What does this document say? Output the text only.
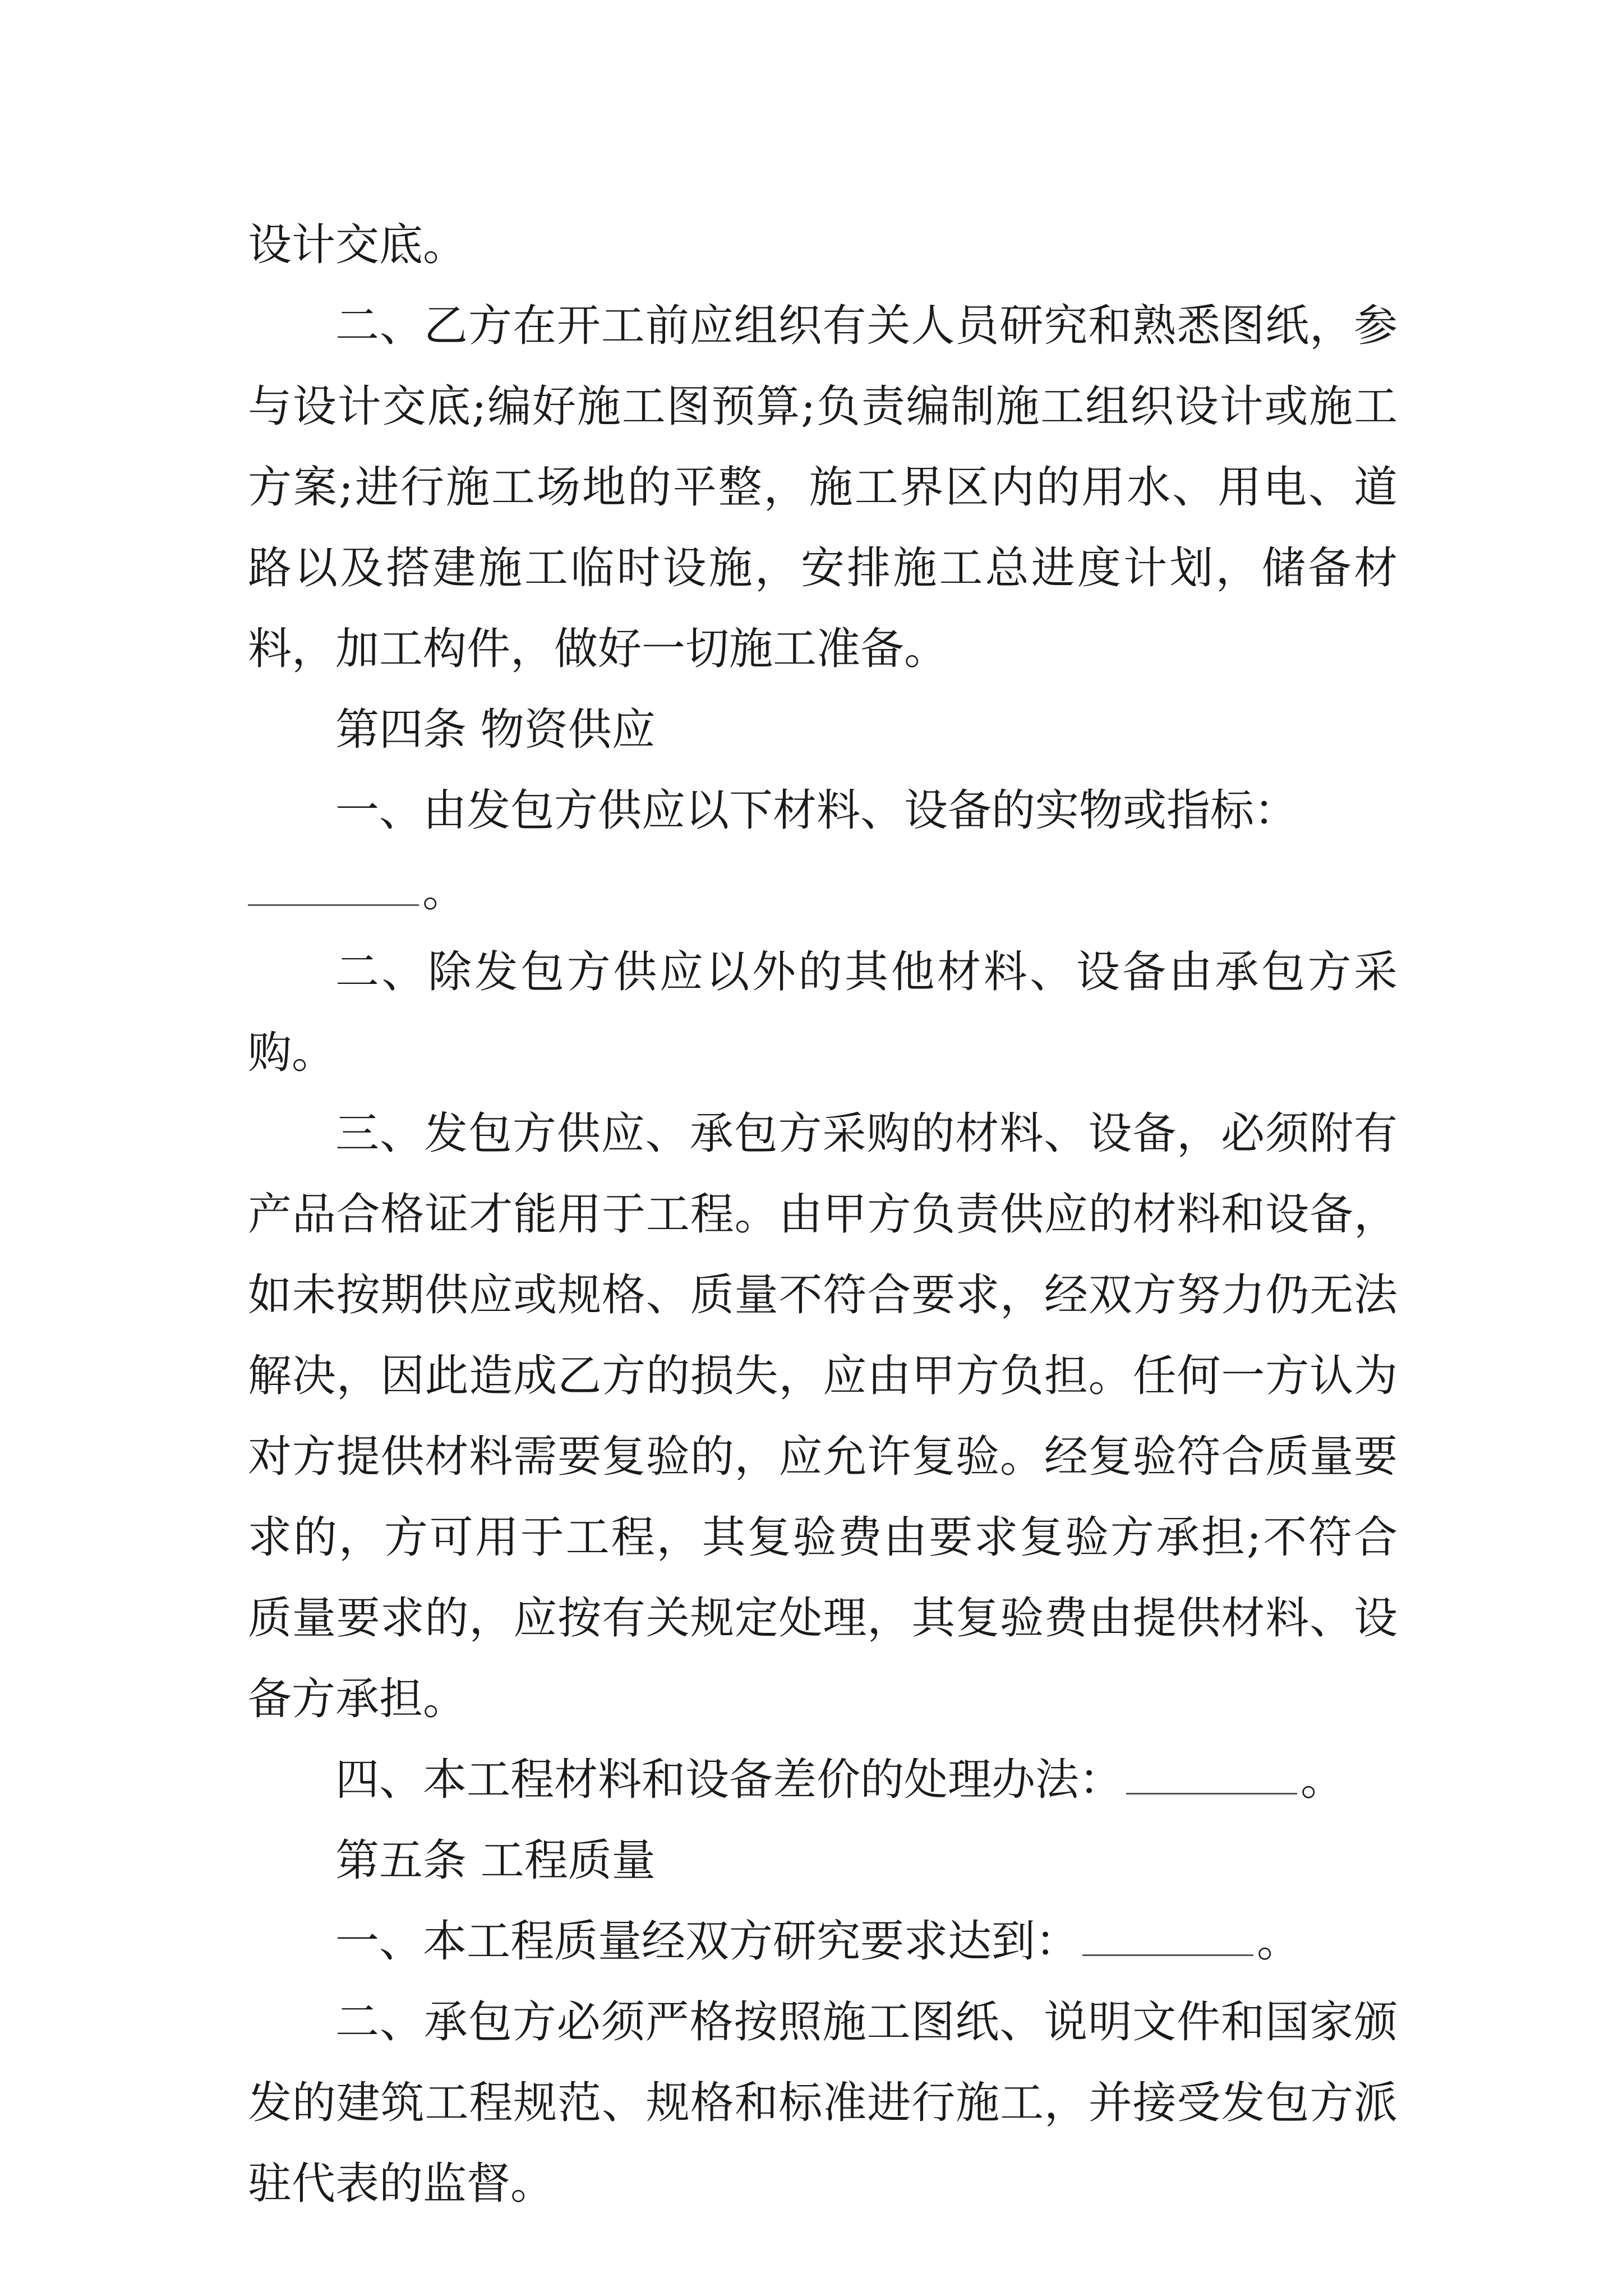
设计交底。

二、乙方在开工前应组织有关人员研究和熟悉图纸，参与设计交底;编好施工图预算;负责编制施工组织设计或施工方案;进行施工场地的平整，施工界区内的用水、用电、道路以及搭建施工临时设施，安排施工总进度计划，储备材料，加工构件，做好一切施工准备。

第四条 物资供应

一、由发包方供应以下材料、设备的实物或指标：
。

二、除发包方供应以外的其他材料、设备由承包方采购。

三、发包方供应、承包方采购的材料、设备，必须附有产品合格证才能用于工程。由甲方负责供应的材料和设备，如未按期供应或规格、质量不符合要求，经双方努力仍无法解决，因此造成乙方的损失，应由甲方负担。任何一方认为对方提供材料需要复验的，应允许复验。经复验符合质量要求的，方可用于工程，其复验费由要求复验方承担;不符合质量要求的，应按有关规定处理，其复验费由提供材料、设备方承担。

四、本工程材料和设备差价的处理办法：	。

第五条 工程质量

一、本工程质量经双方研究要求达到：	。

二、承包方必须严格按照施工图纸、说明文件和国家颁发的建筑工程规范、规格和标准进行施工，并接受发包方派驻代表的监督。
